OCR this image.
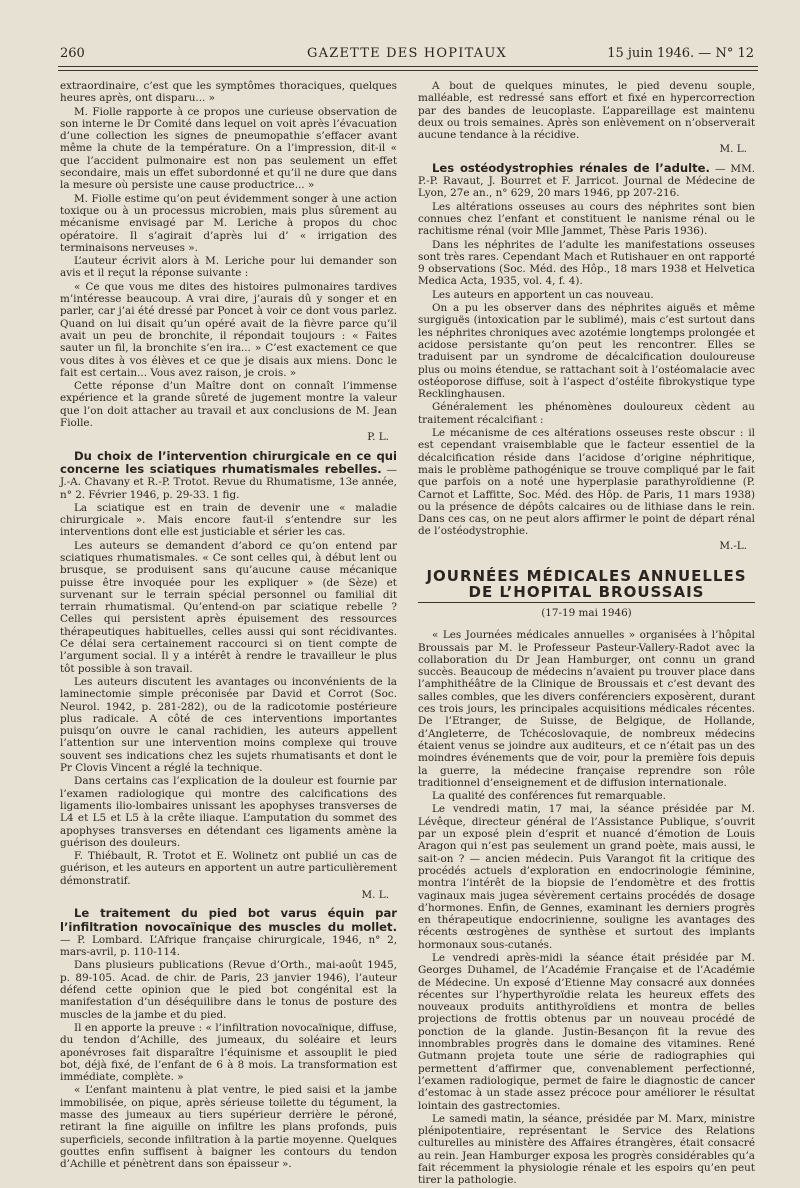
260	GAZETTE DES HOPITAUX	15 juin 1946. — N° 12

extraordinaire, c’est que les symptômes thoraciques, quelques heures après, ont disparu... »

M. Fiolle rapporte à ce propos une curieuse observation de son interne le Dr Comité dans lequel on voit après l’évacuation d’une collection les signes de pneumopathie s’effacer avant même la chute de la température. On a l’impression, dit-il « que l’accident pulmonaire est non pas seulement un effet secondaire, mais un effet subordonné et qu’il ne dure que dans la mesure où persiste une cause productrice... »

M. Fiolle estime qu’on peut évidemment songer à une action toxique ou à un processus microbien, mais plus sûrement au mécanisme envisagé par M. Leriche à propos du choc opératoire. Il s’agirait d’après lui d’ « irrigation des terminaisons nerveuses ».

L’auteur écrivit alors à M. Leriche pour lui demander son avis et il reçut la réponse suivante :

« Ce que vous me dites des histoires pulmonaires tardives m’intéresse beaucoup. A vrai dire, j’aurais dû y songer et en parler, car j’ai été dressé par Poncet à voir ce dont vous parlez. Quand on lui disait qu’un opéré avait de la fièvre parce qu’il avait un peu de bronchite, il répondait toujours : « Faites sauter un fil, la bronchite s’en ira... » C’est exactement ce que vous dites à vos élèves et ce que je disais aux miens. Donc le fait est certain... Vous avez raison, je crois. »

Cette réponse d’un Maître dont on connaît l’immense expérience et la grande sûreté de jugement montre la valeur que l’on doit attacher au travail et aux conclusions de M. Jean Fiolle.

P. L.

Du choix de l’intervention chirurgicale en ce qui concerne les sciatiques rhumatismales rebelles. — J.-A. Chavany et R.-P. Trotot. Revue du Rhumatisme, 13e année, n° 2. Février 1946, p. 29-33. 1 fig.

La sciatique est en train de devenir une « maladie chirurgicale ». Mais encore faut-il s’entendre sur les interventions dont elle est justiciable et sérier les cas.

Les auteurs se demandent d’abord ce qu’on entend par sciatiques rhumatismales. « Ce sont celles qui, à début lent ou brusque, se produisent sans qu’aucune cause mécanique puisse être invoquée pour les expliquer » (de Sèze) et survenant sur le terrain spécial personnel ou familial dit terrain rhumatismal. Qu’entend-on par sciatique rebelle ? Celles qui persistent après épuisement des ressources thérapeutiques habituelles, celles aussi qui sont récidivantes. Ce délai sera certainement raccourci si on tient compte de l’argument social. Il y a intérêt à rendre le travailleur le plus tôt possible à son travail.

Les auteurs discutent les avantages ou inconvénients de la laminectomie simple préconisée par David et Corrot (Soc. Neurol. 1942, p. 281-282), ou de la radicotomie postérieure plus radicale. A côté de ces interventions importantes puisqu’on ouvre le canal rachidien, les auteurs appellent l’attention sur une intervention moins complexe qui trouve souvent ses indications chez les sujets rhumatisants et dont le Pr Clovis Vincent a réglé la technique.

Dans certains cas l’explication de la douleur est fournie par l’examen radiologique qui montre des calcifications des ligaments ilio-lombaires unissant les apophyses transverses de L4 et L5 et L5 à la crête iliaque. L’amputation du sommet des apophyses transverses en détendant ces ligaments amène la guérison des douleurs.

F. Thiébault, R. Trotot et E. Wolinetz ont publié un cas de guérison, et les auteurs en apportent un autre particulièrement démonstratif.

M. L.

Le traitement du pied bot varus équin par l’infiltration novocaïnique des muscles du mollet. — P. Lombard. L’Afrique française chirurgicale, 1946, n° 2, mars-avril, p. 110-114.

Dans plusieurs publications (Revue d’Orth., mai-août 1945, p. 89-105. Acad. de chir. de Paris, 23 janvier 1946), l’auteur défend cette opinion que le pied bot congénital est la manifestation d’un déséquilibre dans le tonus de posture des muscles de la jambe et du pied.

Il en apporte la preuve : « l’infiltration novocaïnique, diffuse, du tendon d’Achille, des jumeaux, du soléaire et leurs aponévroses fait disparaître l’équinisme et assouplit le pied bot, déjà fixé, de l’enfant de 6 à 8 mois. La transformation est immédiate, complète. »

« L’enfant maintenu à plat ventre, le pied saisi et la jambe immobilisée, on pique, après sérieuse toilette du tégument, la masse des jumeaux au tiers supérieur derrière le péroné, retirant la fine aiguille on infiltre les plans profonds, puis superficiels, seconde infiltration à la partie moyenne. Quelques gouttes enfin suffisent à baigner les contours du tendon d’Achille et pénètrent dans son épaisseur ».

A bout de quelques minutes, le pied devenu souple, malléable, est redressé sans effort et fixé en hypercorrection par des bandes de leucoplaste. L’appareillage est maintenu deux ou trois semaines. Après son enlèvement on n’observerait aucune tendance à la récidive.

M. L.

Les ostéodystrophies rénales de l’adulte. — MM. P.-P. Ravaut, J. Bourret et F. Jarricot. Journal de Médecine de Lyon, 27e an., n° 629, 20 mars 1946, pp 207-216.

Les altérations osseuses au cours des néphrites sont bien connues chez l’enfant et constituent le nanisme rénal ou le rachitisme rénal (voir Mlle Jammet, Thèse Paris 1936).

Dans les néphrites de l’adulte les manifestations osseuses sont très rares. Cependant Mach et Rutishauer en ont rapporté 9 observations (Soc. Méd. des Hôp., 18 mars 1938 et Helvetica Medica Acta, 1935, vol. 4, f. 4).

Les auteurs en apportent un cas nouveau.

On a pu les observer dans des néphrites aiguës et même surgiguës (intoxication par le sublimé), mais c’est surtout dans les néphrites chroniques avec azotémie longtemps prolongée et acidose persistante qu’on peut les rencontrer. Elles se traduisent par un syndrome de décalcification douloureuse plus ou moins étendue, se rattachant soit à l’ostéomalacie avec ostéoporose diffuse, soit à l’aspect d’ostéite fibrokystique type Recklinghausen.

Généralement les phénomènes douloureux cèdent au traitement récalcifiant :

Le mécanisme de ces altérations osseuses reste obscur : il est cependant vraisemblable que le facteur essentiel de la décalcification réside dans l’acidose d’origine néphritique, mais le problème pathogénique se trouve compliqué par le fait que parfois on a noté une hyperplasie parathyroïdienne (P. Carnot et Laffitte, Soc. Méd. des Hôp. de Paris, 11 mars 1938) ou la présence de dépôts calcaires ou de lithiase dans le rein. Dans ces cas, on ne peut alors affirmer le point de départ rénal de l’ostéodystrophie.

M.-L.
JOURNÉES MÉDICALES ANNUELLES
DE L’HOPITAL BROUSSAIS
(17-19 mai 1946)

« Les Journées médicales annuelles » organisées à l’hôpital Broussais par M. le Professeur Pasteur-Vallery-Radot avec la collaboration du Dr Jean Hamburger, ont connu un grand succès. Beaucoup de médecins n’avaient pu trouver place dans l’amphithéâtre de la Clinique de Broussais et c’est devant des salles combles, que les divers conférenciers exposèrent, durant ces trois jours, les principales acquisitions médicales récentes. De l’Etranger, de Suisse, de Belgique, de Hollande, d’Angleterre, de Tchécoslovaquie, de nombreux médecins étaient venus se joindre aux auditeurs, et ce n’était pas un des moindres événements que de voir, pour la première fois depuis la guerre, la médecine française reprendre son rôle traditionnel d’enseignement et de diffusion internationale.

La qualité des conférences fut remarquable.

Le vendredi matin, 17 mai, la séance présidée par M. Lévêque, directeur général de l’Assistance Publique, s’ouvrit par un exposé plein d’esprit et nuancé d’émotion de Louis Aragon qui n’est pas seulement un grand poète, mais aussi, le sait-on ? — ancien médecin. Puis Varangot fit la critique des procédés actuels d’exploration en endocrinologie féminine, montra l’intérêt de la biopsie de l’endomètre et des frottis vaginaux mais jugea sévèrement certains procédés de dosage d’hormones. Enfin, de Gennes, examinant les derniers progrès en thérapeutique endocrinienne, souligne les avantages des récents œstrogènes de synthèse et surtout des implants hormonaux sous-cutanés.

Le vendredi après-midi la séance était présidée par M. Georges Duhamel, de l’Académie Française et de l’Académie de Médecine. Un exposé d’Etienne May consacré aux données récentes sur l’hyperthyroïdie relata les heureux effets des nouveaux produits antithyroïdiens et montra de belles projections de frottis obtenus par un nouveau procédé de ponction de la glande. Justin-Besançon fit la revue des innombrables progrès dans le domaine des vitamines. René Gutmann projeta toute une série de radiographies qui permettent d’affirmer que, convenablement perfectionné, l’examen radiologique, permet de faire le diagnostic de cancer d’estomac à un stade assez précoce pour améliorer le résultat lointain des gastrectomies.

Le samedi matin, la séance, présidée par M. Marx, ministre plénipotentiaire, représentant le Service des Relations culturelles au ministère des Affaires étrangères, était consacré au rein. Jean Hamburger exposa les progrès considérables qu’a fait récemment la physiologie rénale et les espoirs qu’en peut tirer la pathologie.
